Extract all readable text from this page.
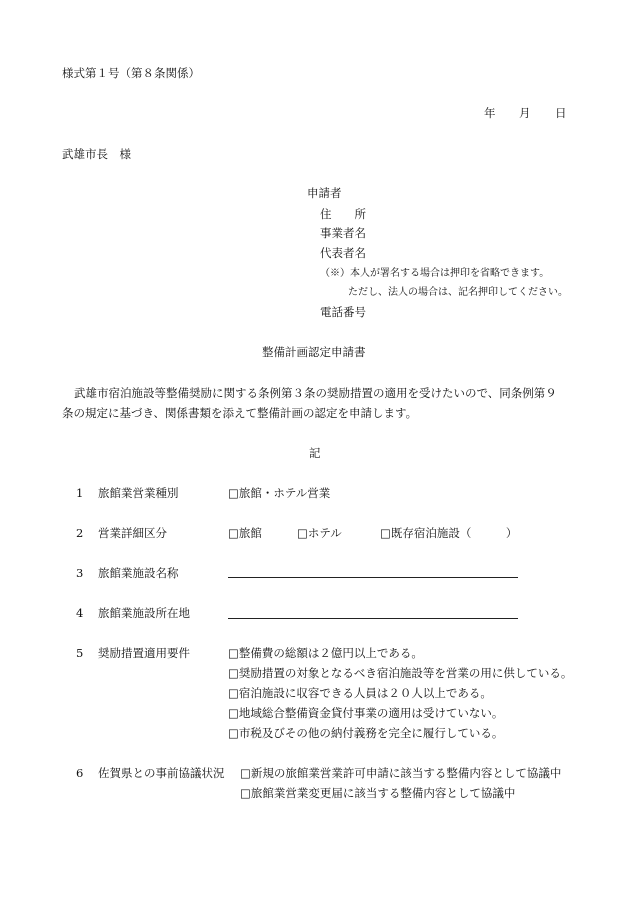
様式第１号（第８条関係）
年 月 日
武雄市長　様
申請者
住　　所
事業者名
代表者名
（※）本人が署名する場合は押印を省略できます。
ただし、法人の場合は、記名押印してください。
電話番号
整備計画認定申請書
武雄市宿泊施設等整備奨励に関する条例第３条の奨励措置の適用を受けたいので、同条例第９
条の規定に基づき、関係書類を添えて整備計画の認定を申請します。
記
1 旅館業営業種別	□旅館・ホテル営業
2 営業詳細区分	□旅館	□ホテル	□既存宿泊施設（　　　）
3 旅館業施設名称
4 旅館業施設所在地
5 奨励措置適用要件	□整備費の総額は２億円以上である。
□奨励措置の対象となるべき宿泊施設等を営業の用に供している。
□宿泊施設に収容できる人員は２０人以上である。
□地域総合整備資金貸付事業の適用は受けていない。
□市税及びその他の納付義務を完全に履行している。
6 佐賀県との事前協議状況 □新規の旅館業営業許可申請に該当する整備内容として協議中
□旅館業営業変更届に該当する整備内容として協議中
